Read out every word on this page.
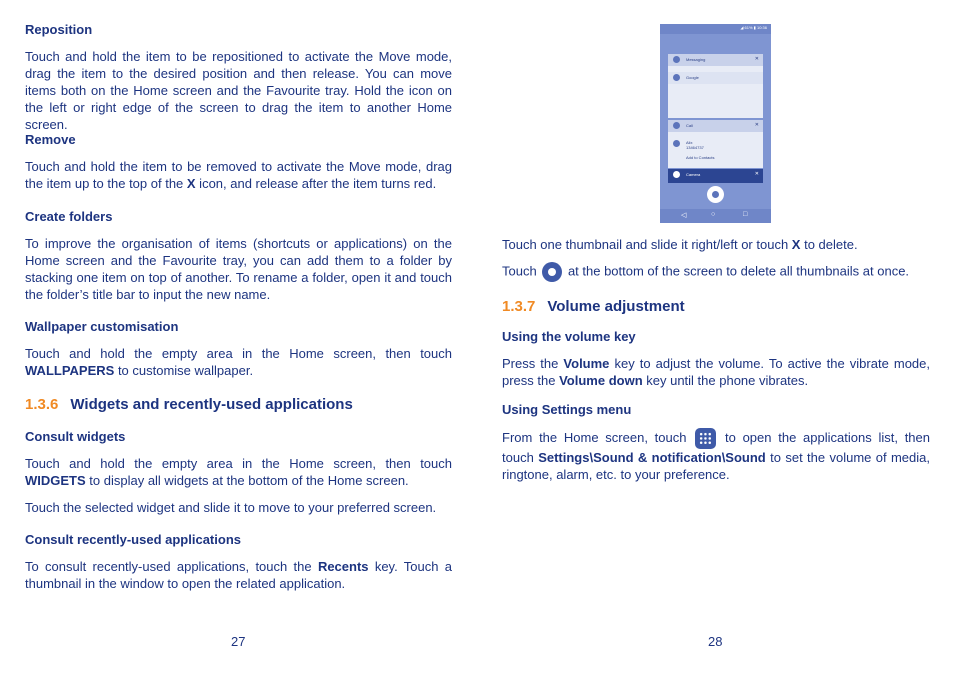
Reposition

Touch and hold the item to be repositioned to activate the Move mode, drag the item to the desired position and then release. You can move items both on the Home screen and the Favourite tray. Hold the icon on the left or right edge of the screen to drag the item to another Home screen.

Remove

Touch and hold the item to be removed to activate the Move mode, drag the item up to the top of the X icon, and release after the item turns red.

Create folders

To improve the organisation of items (shortcuts or applications) on the Home screen and the Favourite tray, you can add them to a folder by stacking one item on top of another. To rename a folder, open it and touch the folder’s title bar to input the new name.

Wallpaper customisation

Touch and hold the empty area in the Home screen, then touch WALLPAPERS to customise wallpaper.

1.3.6 Widgets and recently-used applications
Consult widgets

Touch and hold the empty area in the Home screen, then touch WIDGETS to display all widgets at the bottom of the Home screen.

Touch the selected widget and slide it to move to your preferred screen.

Consult recently-used applications

To consult recently-used applications, touch the Recents key. Touch a thumbnail in the window to open the related application.

27
◢ 61% ▮ 10:36
Messaging	✕
Google
Call	✕
Alix
13464737
Add to Contacts
Camera	✕
◁	○	□

Touch one thumbnail and slide it right/left or touch X to delete.

Touch
at the bottom of the screen to delete all thumbnails at once.

1.3.7 Volume adjustment
Using the volume key

Press the Volume key to adjust the volume. To active the vibrate mode, press the Volume down key until the phone vibrates.

Using Settings menu

From the Home screen, touch
to open the applications list, then touch Settings\Sound & notification\Sound to set the volume of media, ringtone, alarm, etc. to your preference.

28
